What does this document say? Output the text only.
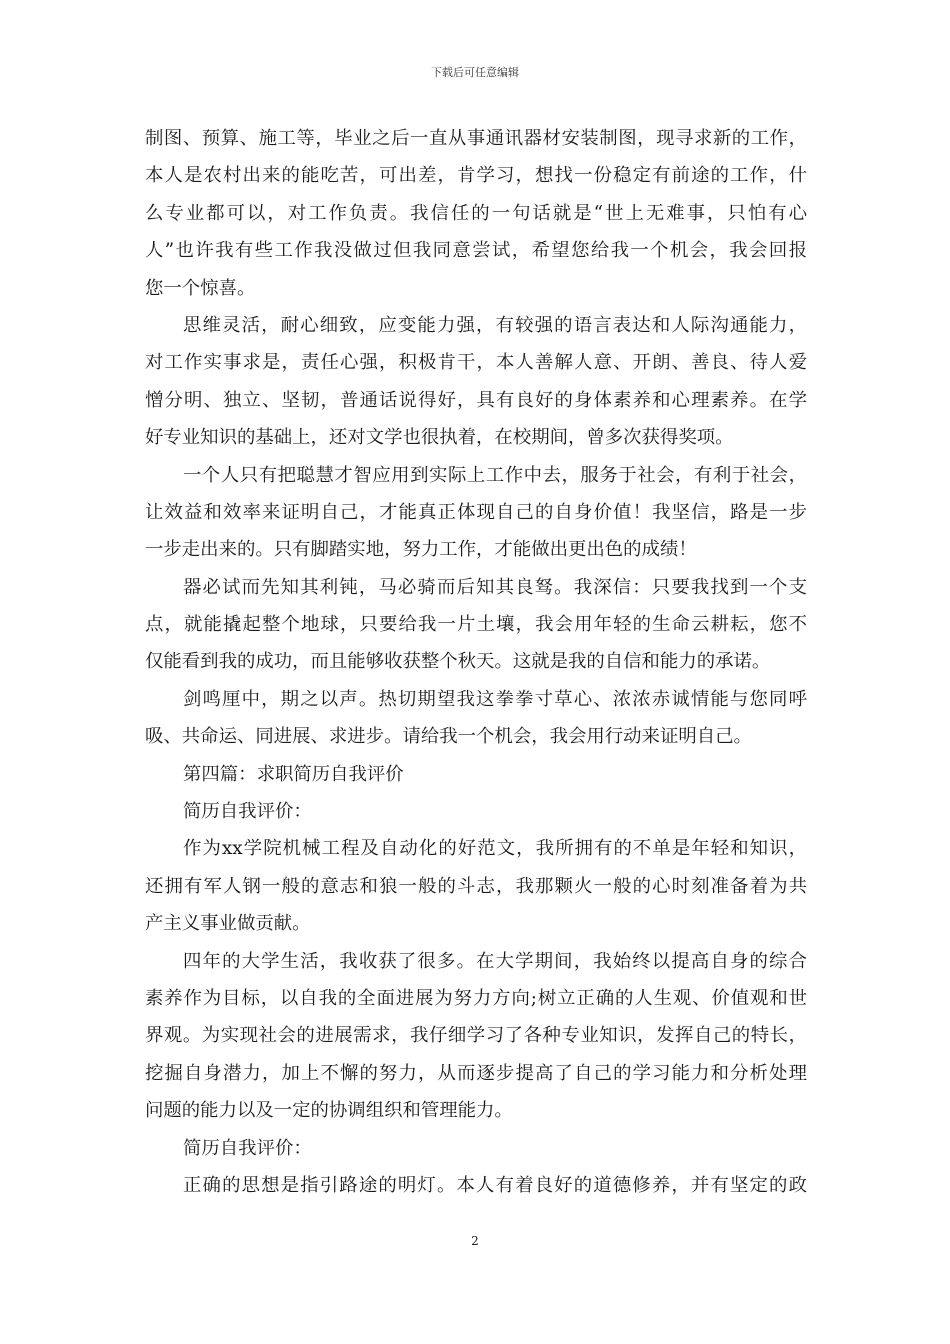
下载后可任意编辑
制图、预算、施工等，毕业之后一直从事通讯器材安装制图，现寻求新的工作，
本人是农村出来的能吃苦，可出差，肯学习，想找一份稳定有前途的工作，什
么专业都可以，对工作负责。我信任的一句话就是“世上无难事，只怕有心
人”也许我有些工作我没做过但我同意尝试，希望您给我一个机会，我会回报
您一个惊喜。
思维灵活，耐心细致，应变能力强，有较强的语言表达和人际沟通能力，
对工作实事求是，责任心强，积极肯干，本人善解人意、开朗、善良、待人爱
憎分明、独立、坚韧，普通话说得好，具有良好的身体素养和心理素养。在学
好专业知识的基础上，还对文学也很执着，在校期间，曾多次获得奖项。
一个人只有把聪慧才智应用到实际上工作中去，服务于社会，有利于社会，
让效益和效率来证明自己，才能真正体现自己的自身价值！我坚信，路是一步
一步走出来的。只有脚踏实地，努力工作，才能做出更出色的成绩！
器必试而先知其利钝，马必骑而后知其良驽。我深信：只要我找到一个支
点，就能撬起整个地球，只要给我一片土壤，我会用年轻的生命云耕耘，您不
仅能看到我的成功，而且能够收获整个秋天。这就是我的自信和能力的承诺。
剑鸣厘中，期之以声。热切期望我这拳拳寸草心、浓浓赤诚情能与您同呼
吸、共命运、同进展、求进步。请给我一个机会，我会用行动来证明自己。
第四篇：求职简历自我评价
简历自我评价：
作为xx学院机械工程及自动化的好范文，我所拥有的不单是年轻和知识，
还拥有军人钢一般的意志和狼一般的斗志，我那颗火一般的心时刻准备着为共
产主义事业做贡献。
四年的大学生活，我收获了很多。在大学期间，我始终以提高自身的综合
素养作为目标，以自我的全面进展为努力方向;树立正确的人生观、价值观和世
界观。为实现社会的进展需求，我仔细学习了各种专业知识，发挥自己的特长，
挖掘自身潜力，加上不懈的努力，从而逐步提高了自己的学习能力和分析处理
问题的能力以及一定的协调组织和管理能力。
简历自我评价：
正确的思想是指引路途的明灯。本人有着良好的道德修养，并有坚定的政
2
